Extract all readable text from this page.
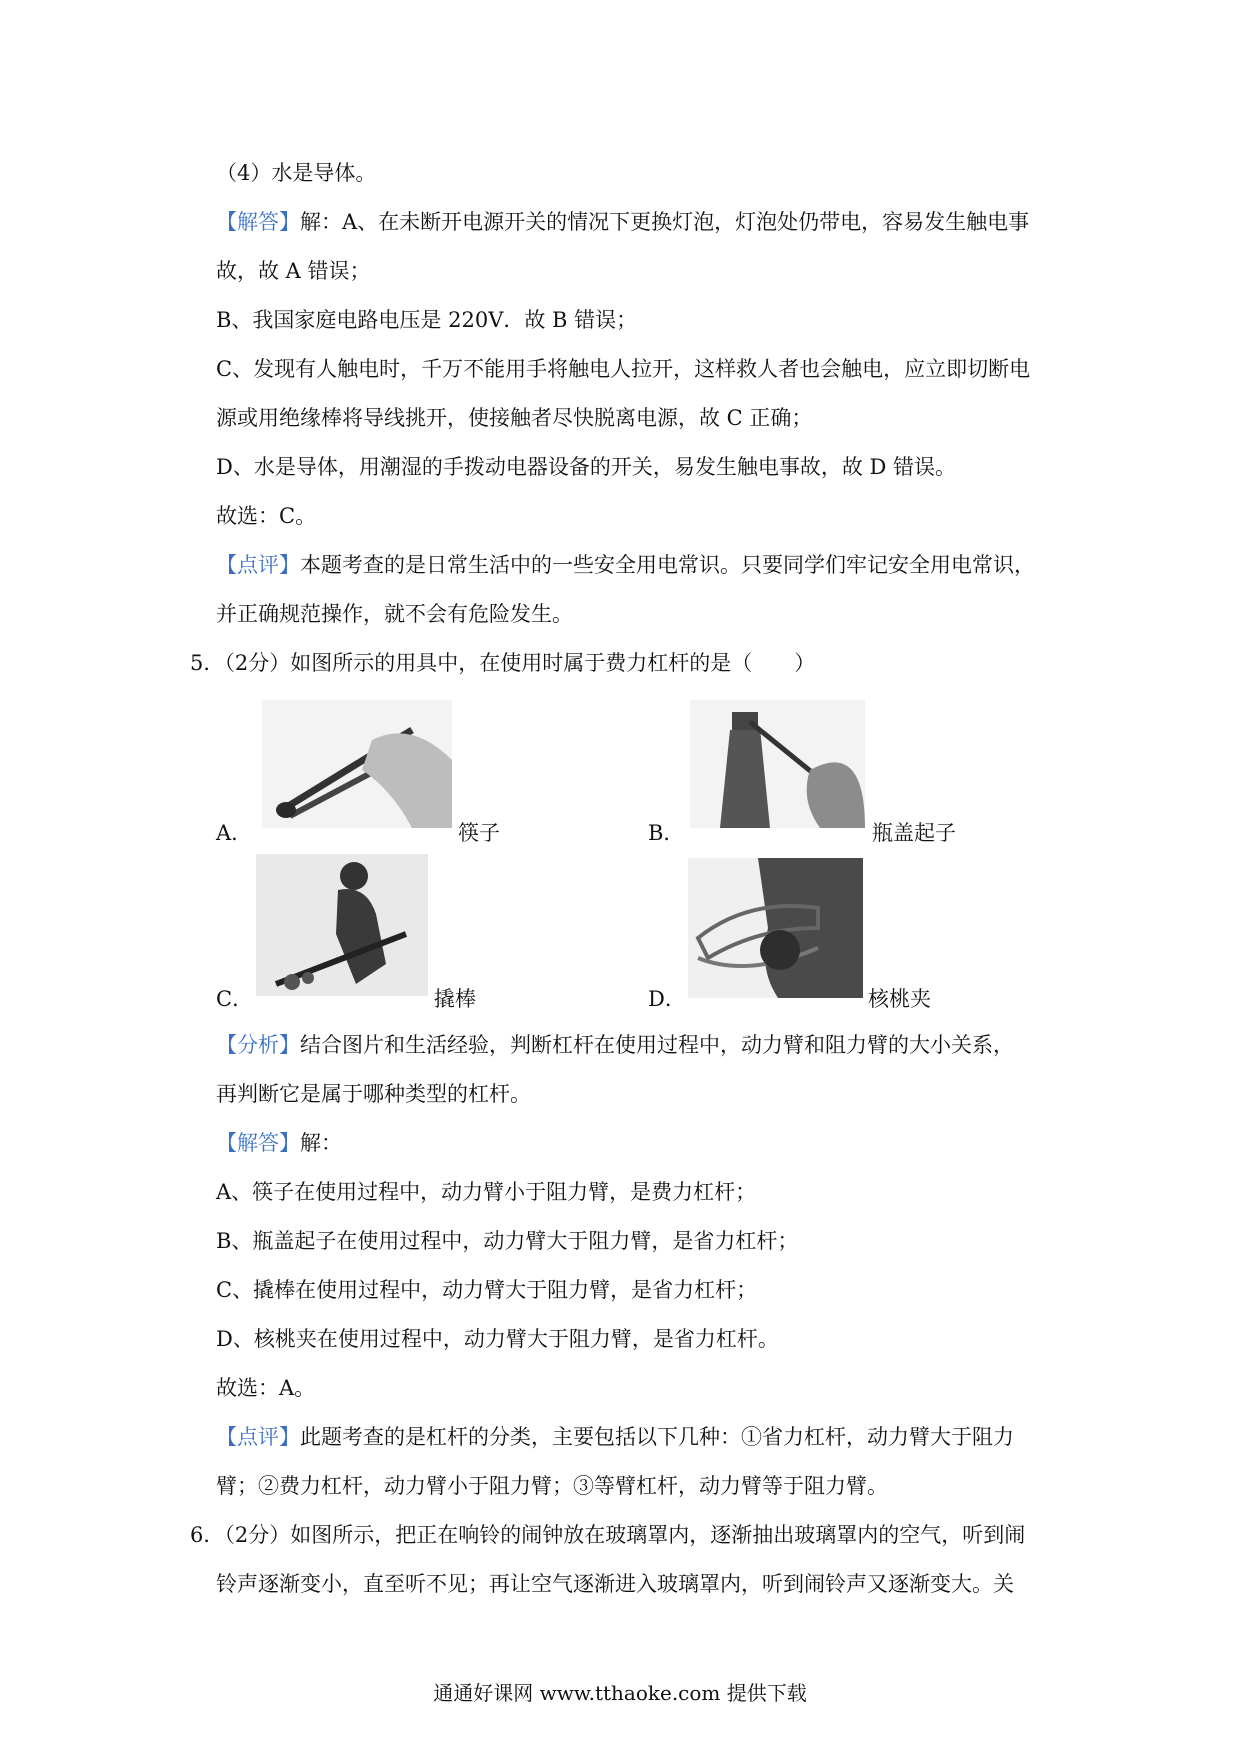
（4）水是导体。
【解答】解：A、在未断开电源开关的情况下更换灯泡，灯泡处仍带电，容易发生触电事
故，故 A 错误；
B、我国家庭电路电压是 220V．故 B 错误；
C、发现有人触电时，千万不能用手将触电人拉开，这样救人者也会触电，应立即切断电
源或用绝缘棒将导线挑开，使接触者尽快脱离电源，故 C 正确；
D、水是导体，用潮湿的手拨动电器设备的开关，易发生触电事故，故 D 错误。
故选：C。
【点评】本题考查的是日常生活中的一些安全用电常识。只要同学们牢记安全用电常识，
并正确规范操作，就不会有危险发生。
5．（2分）如图所示的用具中，在使用时属于费力杠杆的是（　　）
A．	筷子	B．	瓶盖起子
C．	撬棒	D．	核桃夹
【分析】结合图片和生活经验，判断杠杆在使用过程中，动力臂和阻力臂的大小关系，
再判断它是属于哪种类型的杠杆。
【解答】解：
A、筷子在使用过程中，动力臂小于阻力臂，是费力杠杆；
B、瓶盖起子在使用过程中，动力臂大于阻力臂，是省力杠杆；
C、撬棒在使用过程中，动力臂大于阻力臂，是省力杠杆；
D、核桃夹在使用过程中，动力臂大于阻力臂，是省力杠杆。
故选：A。
【点评】此题考查的是杠杆的分类，主要包括以下几种：①省力杠杆，动力臂大于阻力
臂；②费力杠杆，动力臂小于阻力臂；③等臂杠杆，动力臂等于阻力臂。
6．（2分）如图所示，把正在响铃的闹钟放在玻璃罩内，逐渐抽出玻璃罩内的空气，听到闹
铃声逐渐变小，直至听不见；再让空气逐渐进入玻璃罩内，听到闹铃声又逐渐变大。关
通通好课网 www.tthaoke.com 提供下载
